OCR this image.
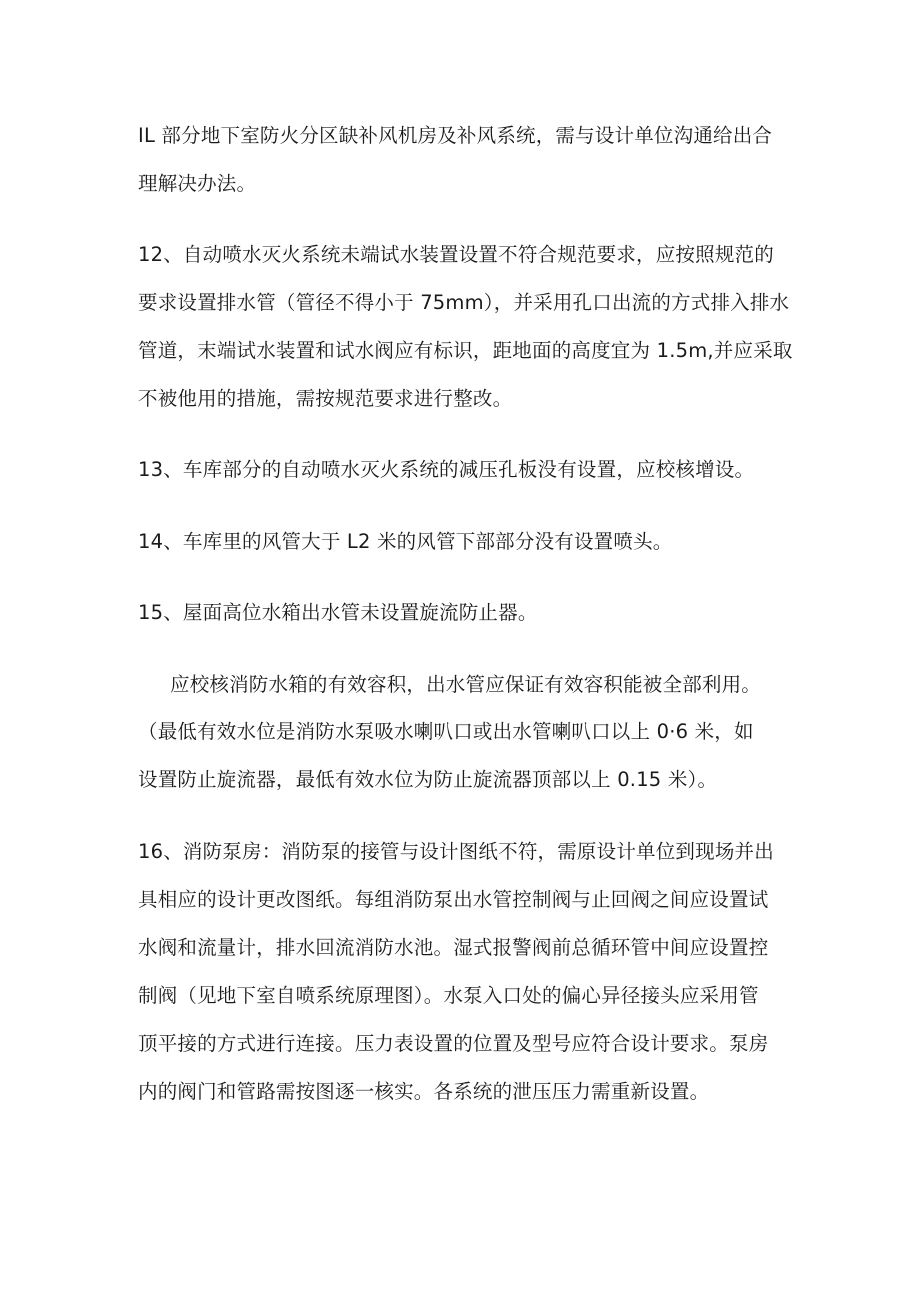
IL 部分地下室防火分区缺补风机房及补风系统，需与设计单位沟通给出合
理解决办法。
12、自动喷水灭火系统未端试水装置设置不符合规范要求，应按照规范的
要求设置排水管（管径不得小于 75mm），并采用孔口出流的方式排入排水
管道，末端试水装置和试水阀应有标识，距地面的高度宜为 1.5m,并应采取
不被他用的措施，需按规范要求进行整改。
13、车库部分的自动喷水灭火系统的减压孔板没有设置，应校核增设。
14、车库里的风管大于 L2 米的风管下部部分没有设置喷头。
15、屋面高位水箱出水管未设置旋流防止器。
应校核消防水箱的有效容积，出水管应保证有效容积能被全部利用。
（最低有效水位是消防水泵吸水喇叭口或出水管喇叭口以上 0·6 米，如
设置防止旋流器，最低有效水位为防止旋流器顶部以上 0.15 米）。
16、消防泵房：消防泵的接管与设计图纸不符，需原设计单位到现场并出
具相应的设计更改图纸。每组消防泵出水管控制阀与止回阀之间应设置试
水阀和流量计，排水回流消防水池。湿式报警阀前总循环管中间应设置控
制阀（见地下室自喷系统原理图）。水泵入口处的偏心异径接头应采用管
顶平接的方式进行连接。压力表设置的位置及型号应符合设计要求。泵房
内的阀门和管路需按图逐一核实。各系统的泄压压力需重新设置。
